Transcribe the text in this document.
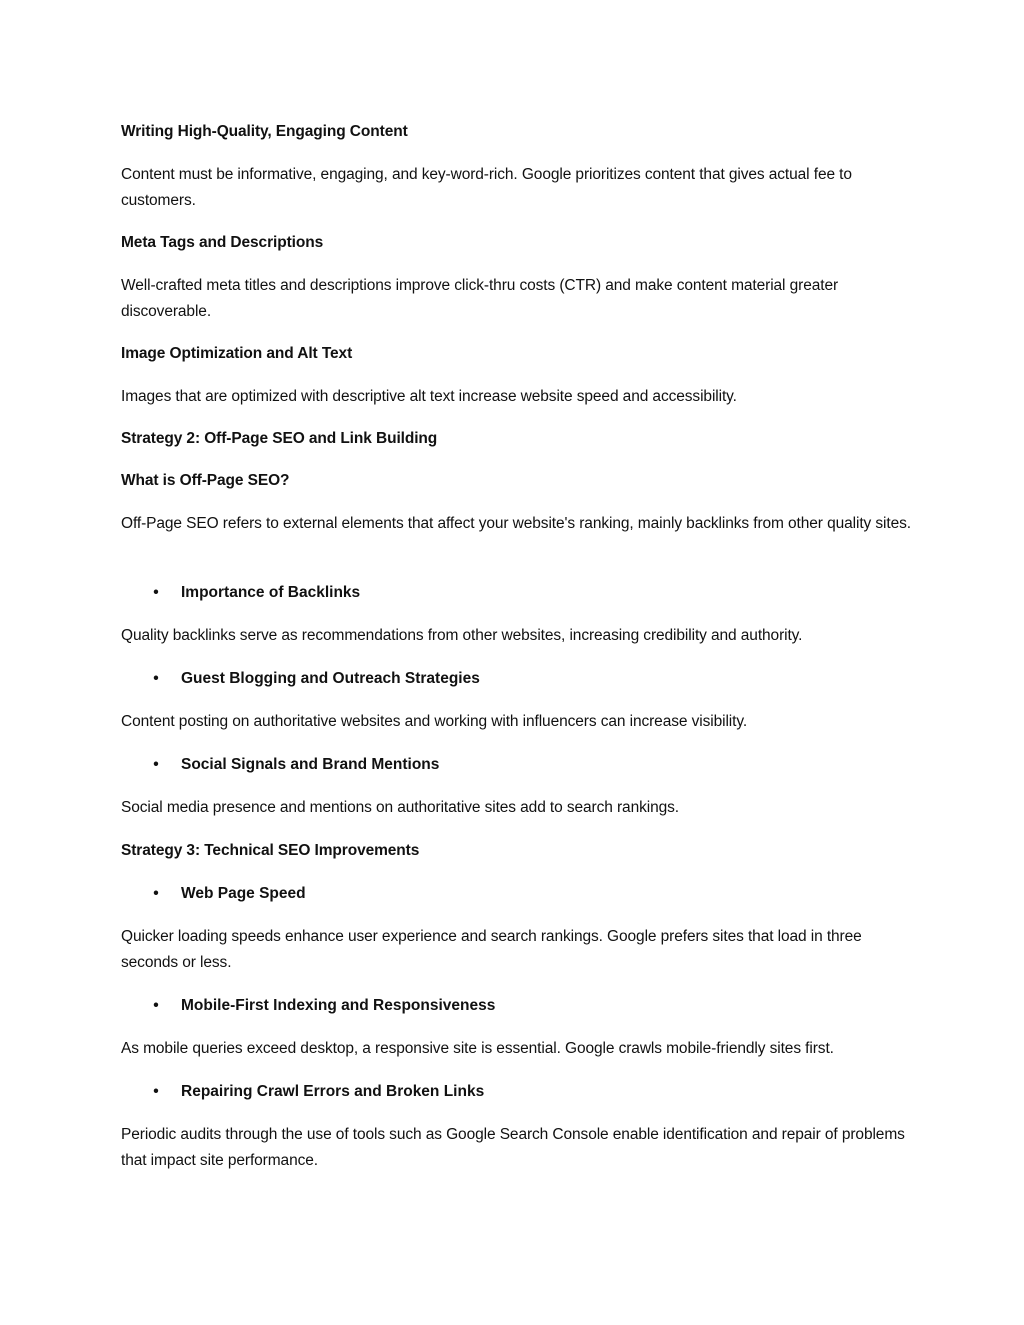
Writing High-Quality, Engaging Content
Content must be informative, engaging, and key-word-rich. Google prioritizes content that gives actual fee to customers.
Meta Tags and Descriptions
Well-crafted meta titles and descriptions improve click-thru costs (CTR) and make content material greater discoverable.
Image Optimization and Alt Text
Images that are optimized with descriptive alt text increase website speed and accessibility.
Strategy 2: Off-Page SEO and Link Building
What is Off-Page SEO?
Off-Page SEO refers to external elements that affect your website's ranking, mainly backlinks from other quality sites.
• Importance of Backlinks
Quality backlinks serve as recommendations from other websites, increasing credibility and authority.
• Guest Blogging and Outreach Strategies
Content posting on authoritative websites and working with influencers can increase visibility.
• Social Signals and Brand Mentions
Social media presence and mentions on authoritative sites add to search rankings.
Strategy 3: Technical SEO Improvements
• Web Page Speed
Quicker loading speeds enhance user experience and search rankings. Google prefers sites that load in three seconds or less.
• Mobile-First Indexing and Responsiveness
As mobile queries exceed desktop, a responsive site is essential. Google crawls mobile-friendly sites first.
• Repairing Crawl Errors and Broken Links
Periodic audits through the use of tools such as Google Search Console enable identification and repair of problems that impact site performance.
